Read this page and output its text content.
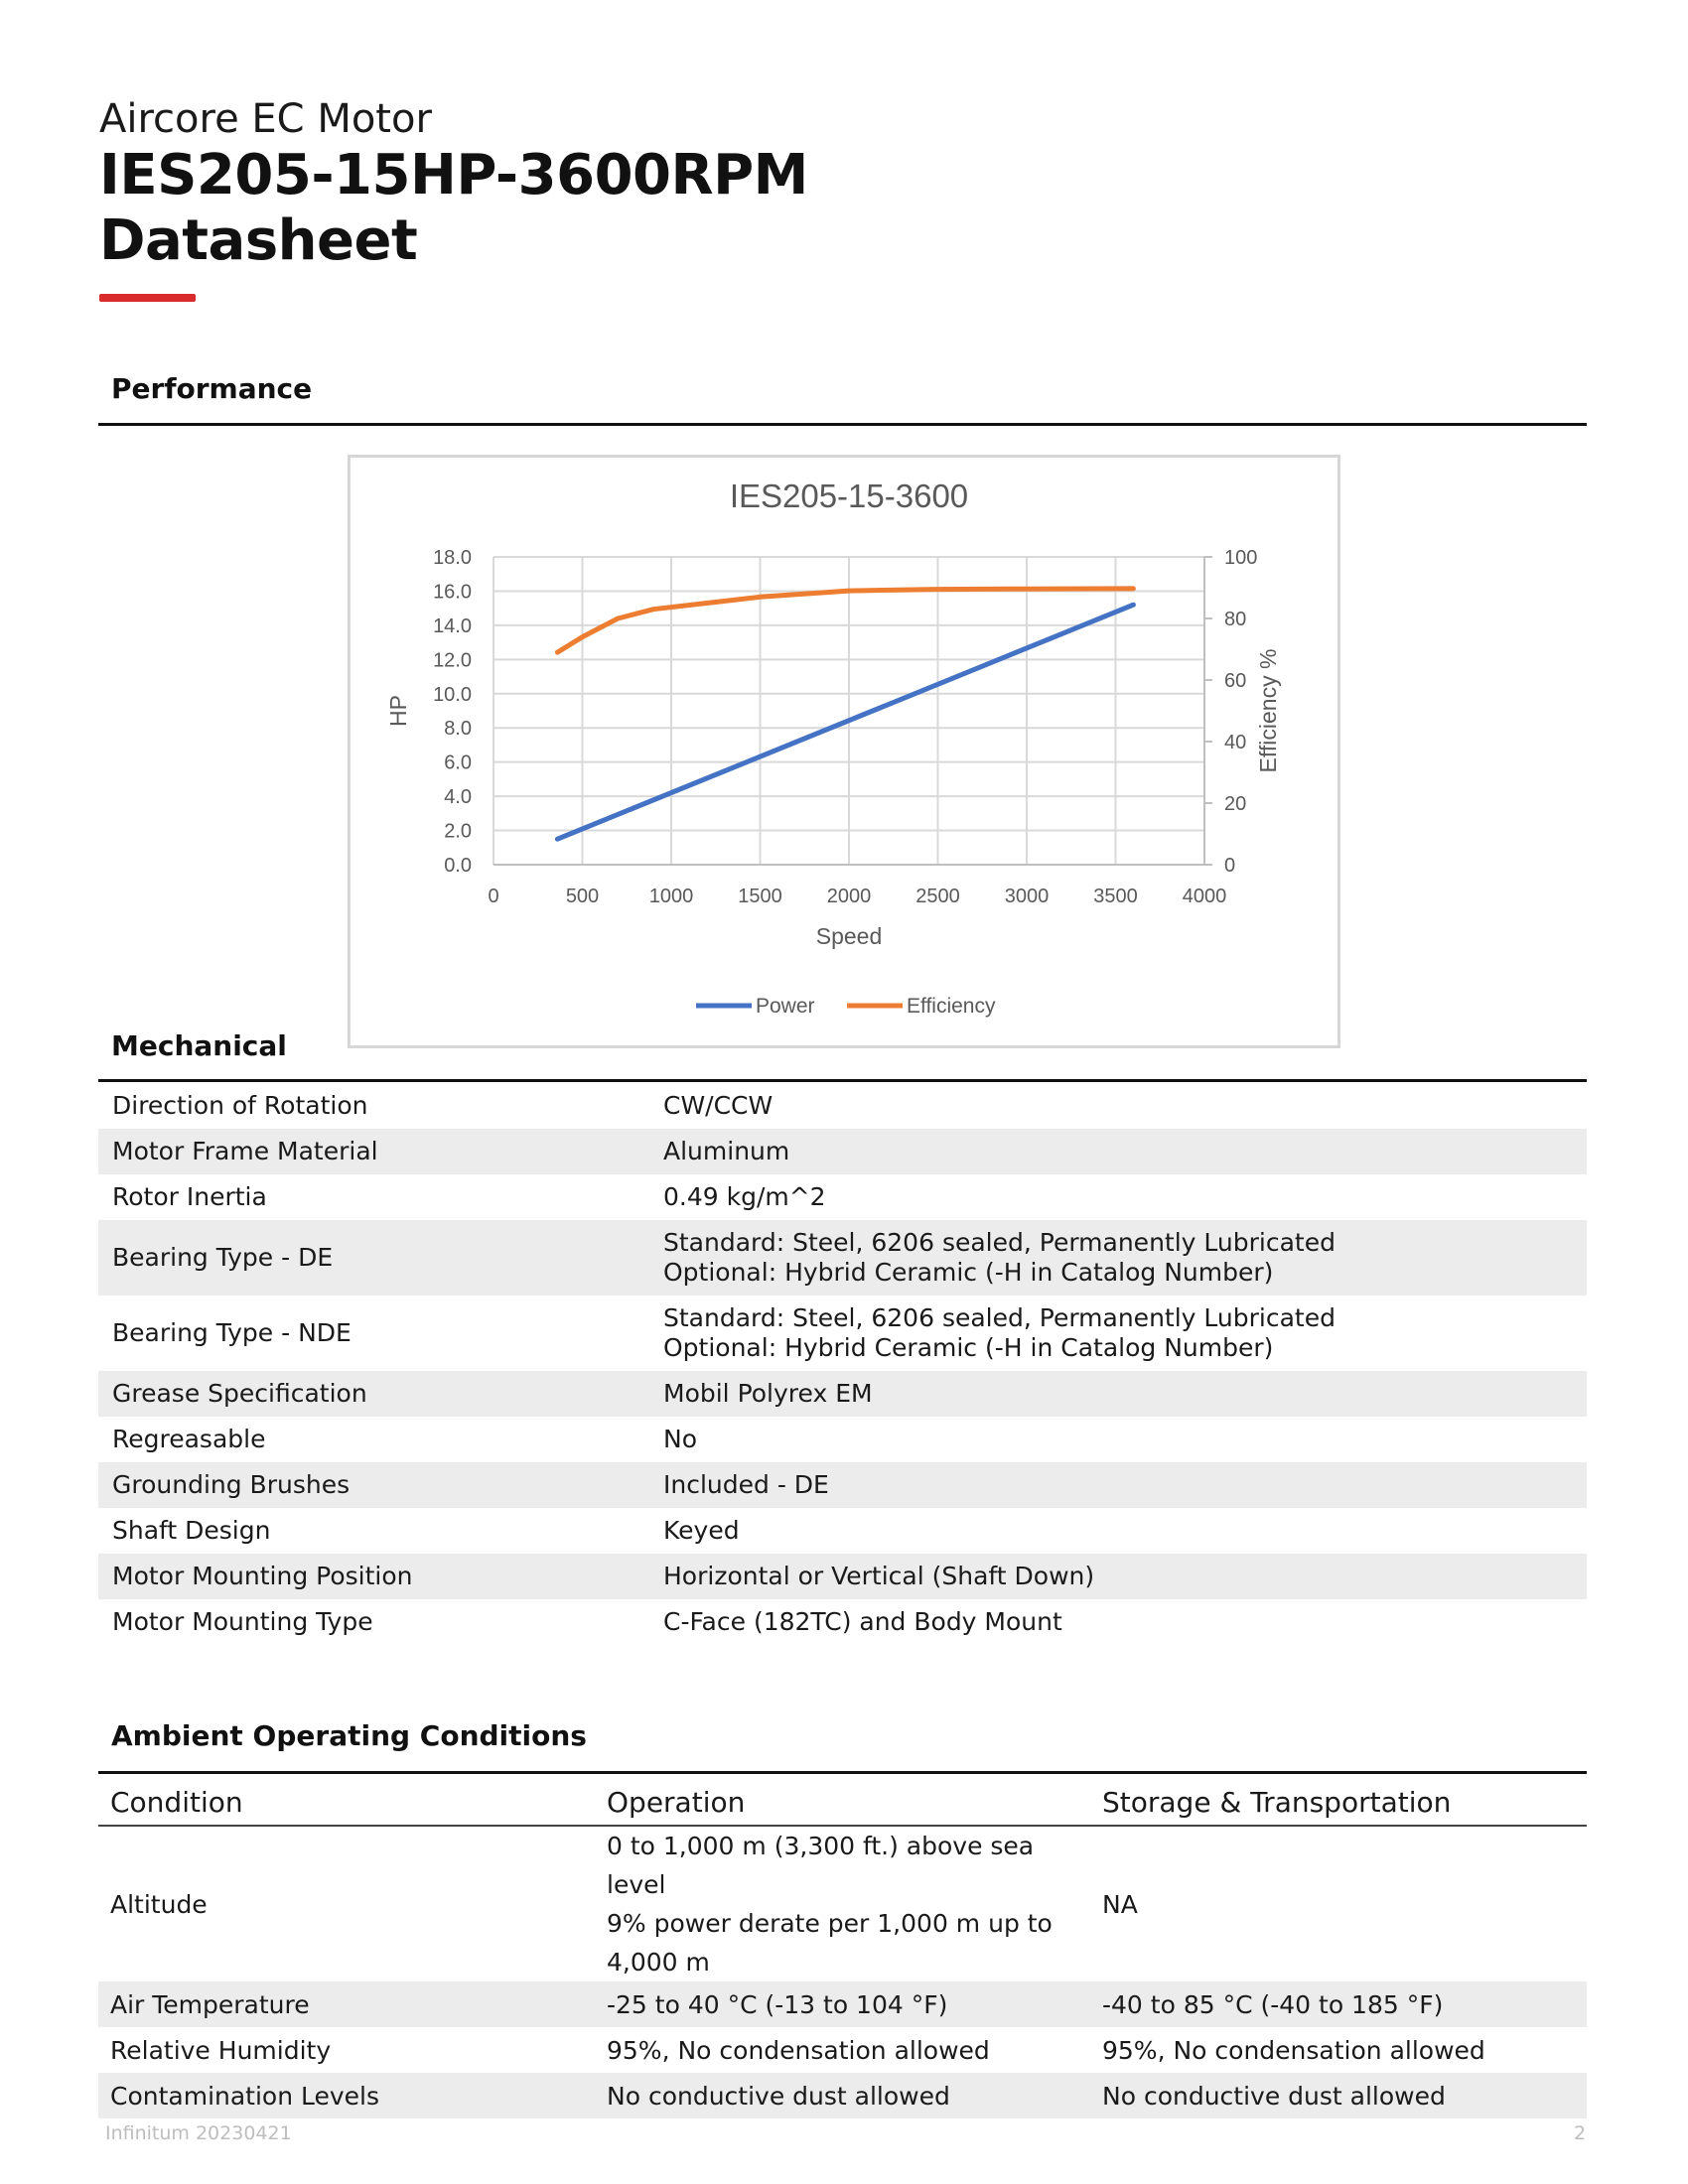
Aircore EC Motor
IES205-15HP-3600RPM
Datasheet
Performance
IES205-15-3600
0.0
2.0
4.0
6.0
8.0
10.0
12.0
14.0
16.0
18.0
0
20
40
60
80
100
0	500	1000 1500 2000 2500 3000 3500 4000
Speed
HP	Efficiency %
Power	Efficiency
Mechanical
Direction of Rotation	CW/CCW

Motor Frame Material	Aluminum

Rotor Inertia	0.49 kg/m^2

Bearing Type - DE	Standard: Steel, 6206 sealed, Permanently Lubricated
Optional: Hybrid Ceramic (-H in Catalog Number)

Bearing Type - NDE	Standard: Steel, 6206 sealed, Permanently Lubricated
Optional: Hybrid Ceramic (-H in Catalog Number)

Grease Specification	Mobil Polyrex EM

Regreasable	No

Grounding Brushes	Included - DE

Shaft Design	Keyed

Motor Mounting Position	Horizontal or Vertical (Shaft Down)

Motor Mounting Type	C-Face (182TC) and Body Mount
Ambient Operating Conditions
Condition	Operation	Storage & Transportation
Altitude	0 to 1,000 m (3,300 ft.) above sea level
9% power derate per 1,000 m up to
4,000 m	NA
Air Temperature	-25 to 40 °C (-13 to 104 °F)	-40 to 85 °C (-40 to 185 °F)
Relative Humidity	95%, No condensation allowed	95%, No condensation allowed
Contamination Levels	No conductive dust allowed	No conductive dust allowed
Infinitum 20230421	2
